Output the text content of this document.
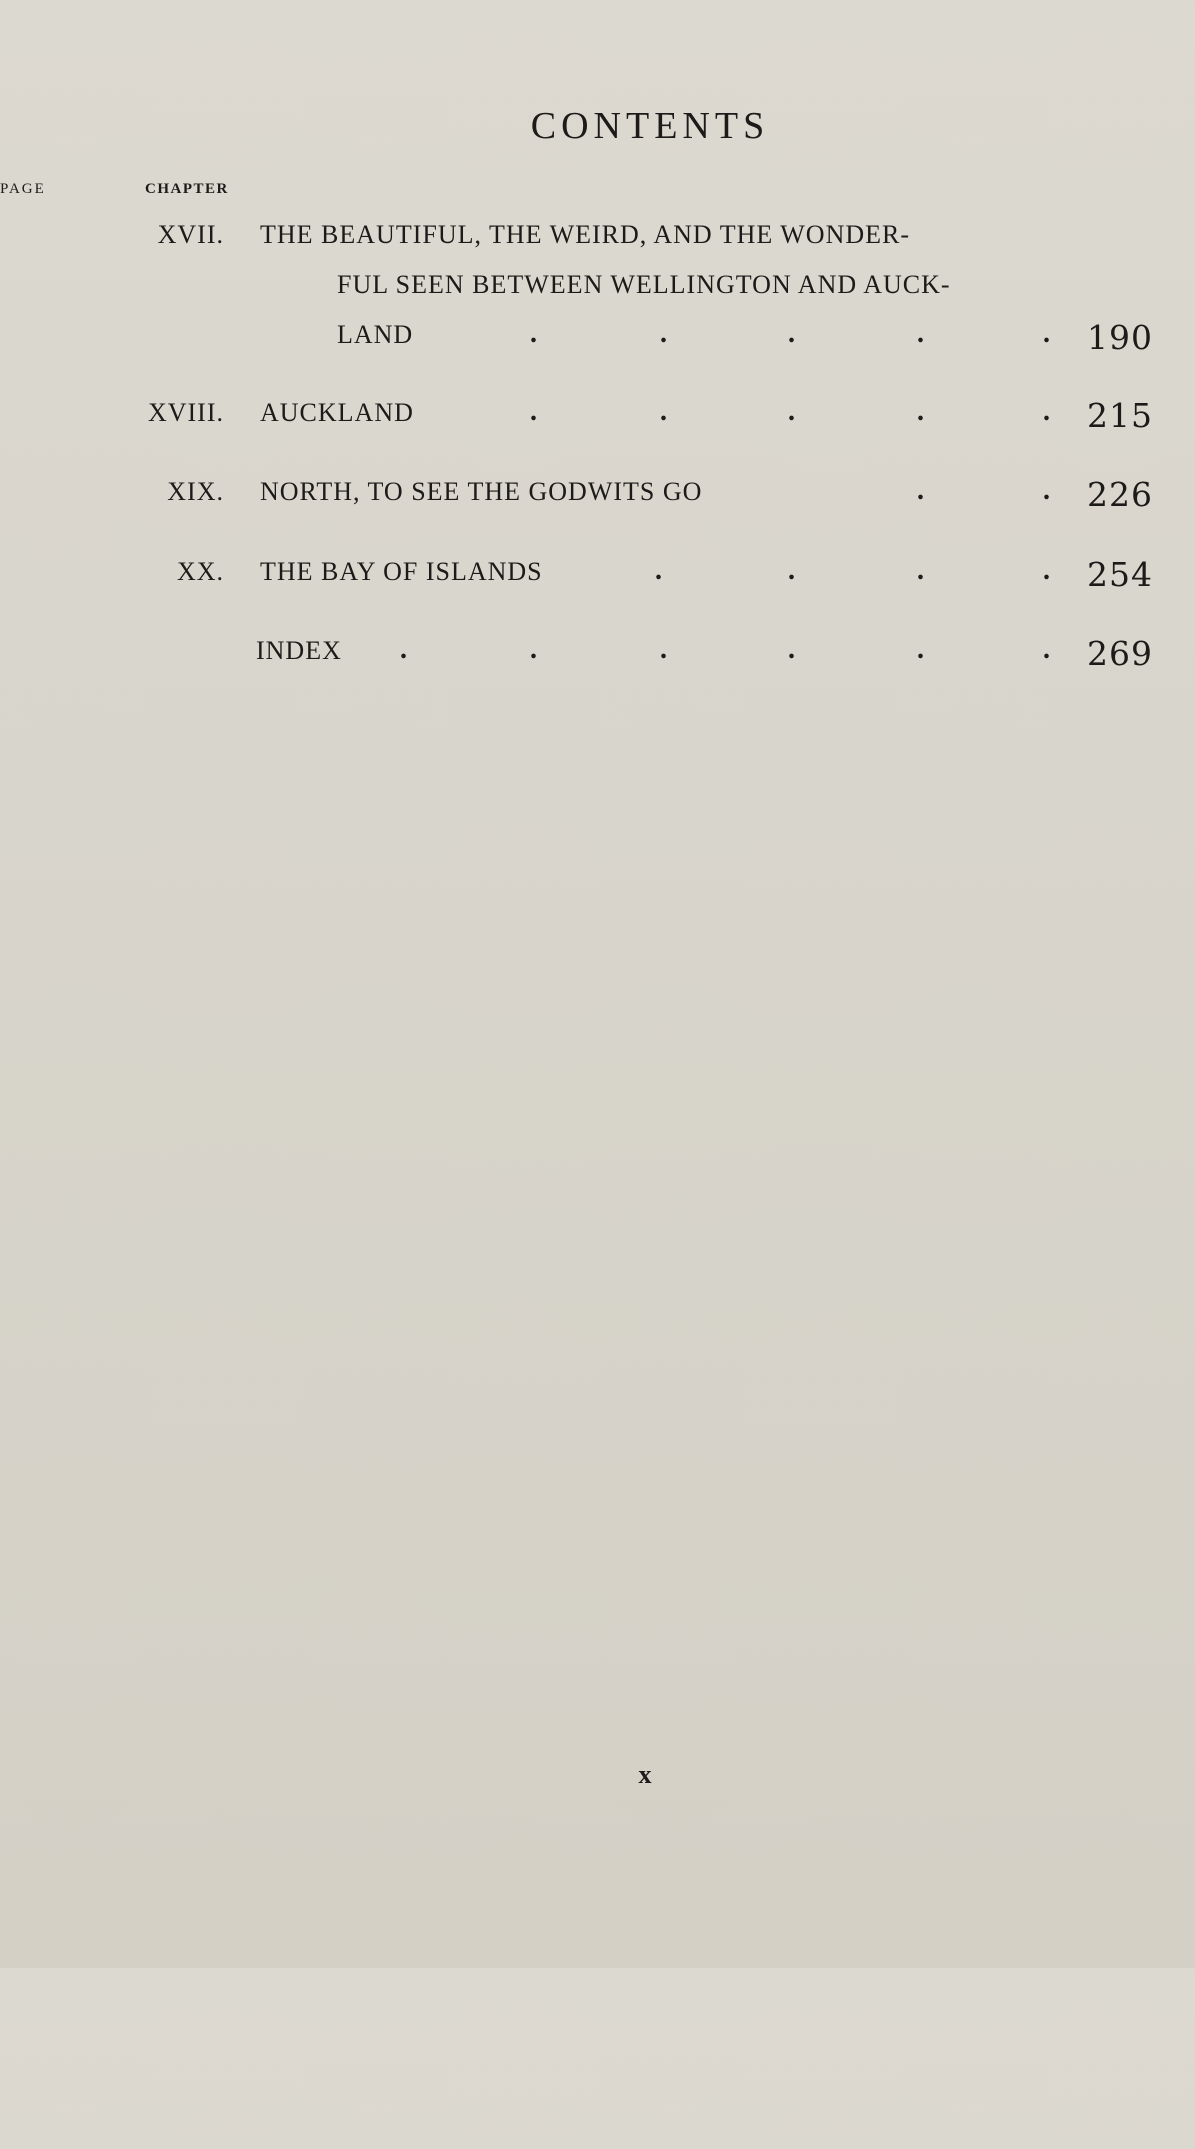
CONTENTS
CHAPTER
PAGE
XVII. THE BEAUTIFUL, THE WEIRD, AND THE WONDER-
FUL SEEN BETWEEN WELLINGTON AND AUCK-
LAND	.	.	.	.	. 190
XVIII. AUCKLAND	.	.	.	.	. 215
XIX. NORTH, TO SEE THE GODWITS GO	.	. 226
XX. THE BAY OF ISLANDS	.	.	.	. 254
INDEX .	.	.	.	.	. 269
x
